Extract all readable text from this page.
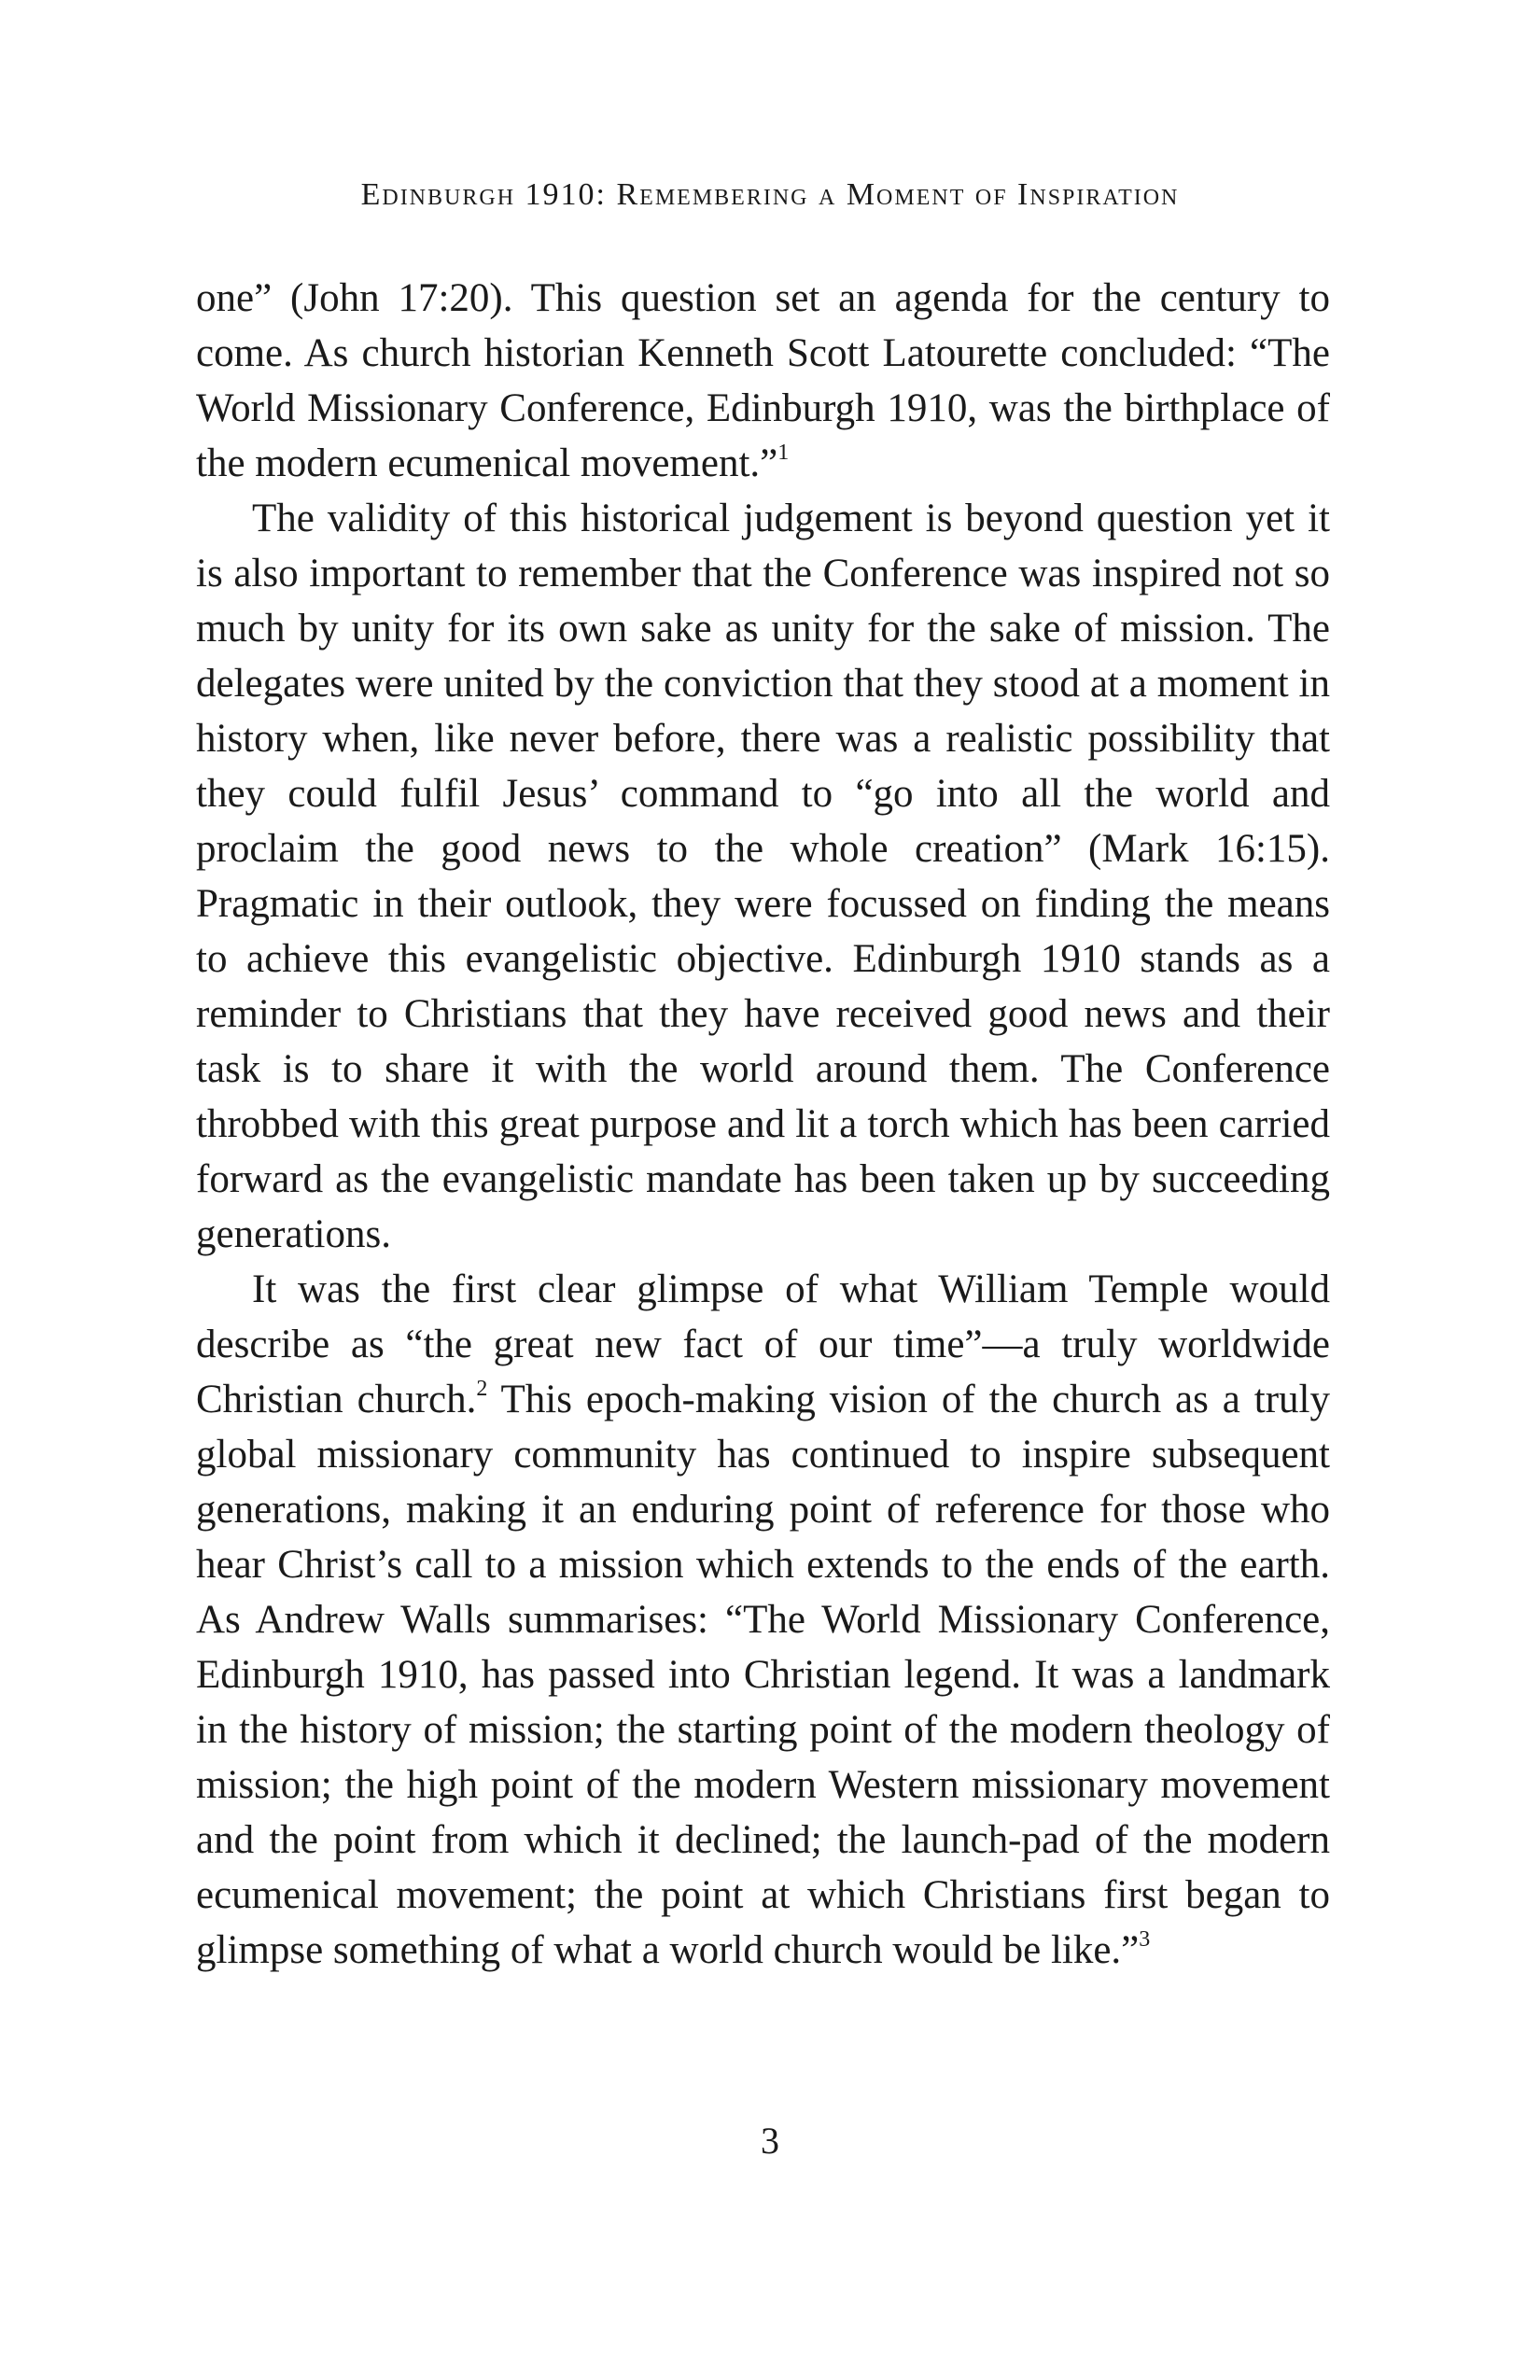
Edinburgh 1910: Remembering a Moment of Inspiration

one” (John 17:20). This question set an agenda for the century to come. As church historian Kenneth Scott Latourette concluded: “The World Missionary Conference, Edinburgh 1910, was the birthplace of the modern ecumenical movement.”$^1$

The validity of this historical judgement is beyond question yet it is also important to remember that the Conference was inspired not so much by unity for its own sake as unity for the sake of mission. The delegates were united by the conviction that they stood at a moment in history when, like never before, there was a realistic possibility that they could fulfil Jesus’ command to “go into all the world and proclaim the good news to the whole creation” (Mark 16:15). Pragmatic in their outlook, they were focussed on finding the means to achieve this evangelistic objective. Edinburgh 1910 stands as a reminder to Christians that they have received good news and their task is to share it with the world around them. The Conference throbbed with this great purpose and lit a torch which has been carried forward as the evangelistic mandate has been taken up by succeeding generations.

It was the first clear glimpse of what William Temple would describe as “the great new fact of our time”—a truly worldwide Christian church.$^2$ This epoch-making vision of the church as a truly global missionary community has continued to inspire subsequent generations, making it an enduring point of reference for those who hear Christ’s call to a mission which extends to the ends of the earth. As Andrew Walls summarises: “The World Missionary Conference, Edinburgh 1910, has passed into Christian legend. It was a landmark in the history of mission; the starting point of the modern theology of mission; the high point of the modern Western missionary movement and the point from which it declined; the launch-pad of the modern ecumenical movement; the point at which Christians first began to glimpse something of what a world church would be like.”$^3$

3
